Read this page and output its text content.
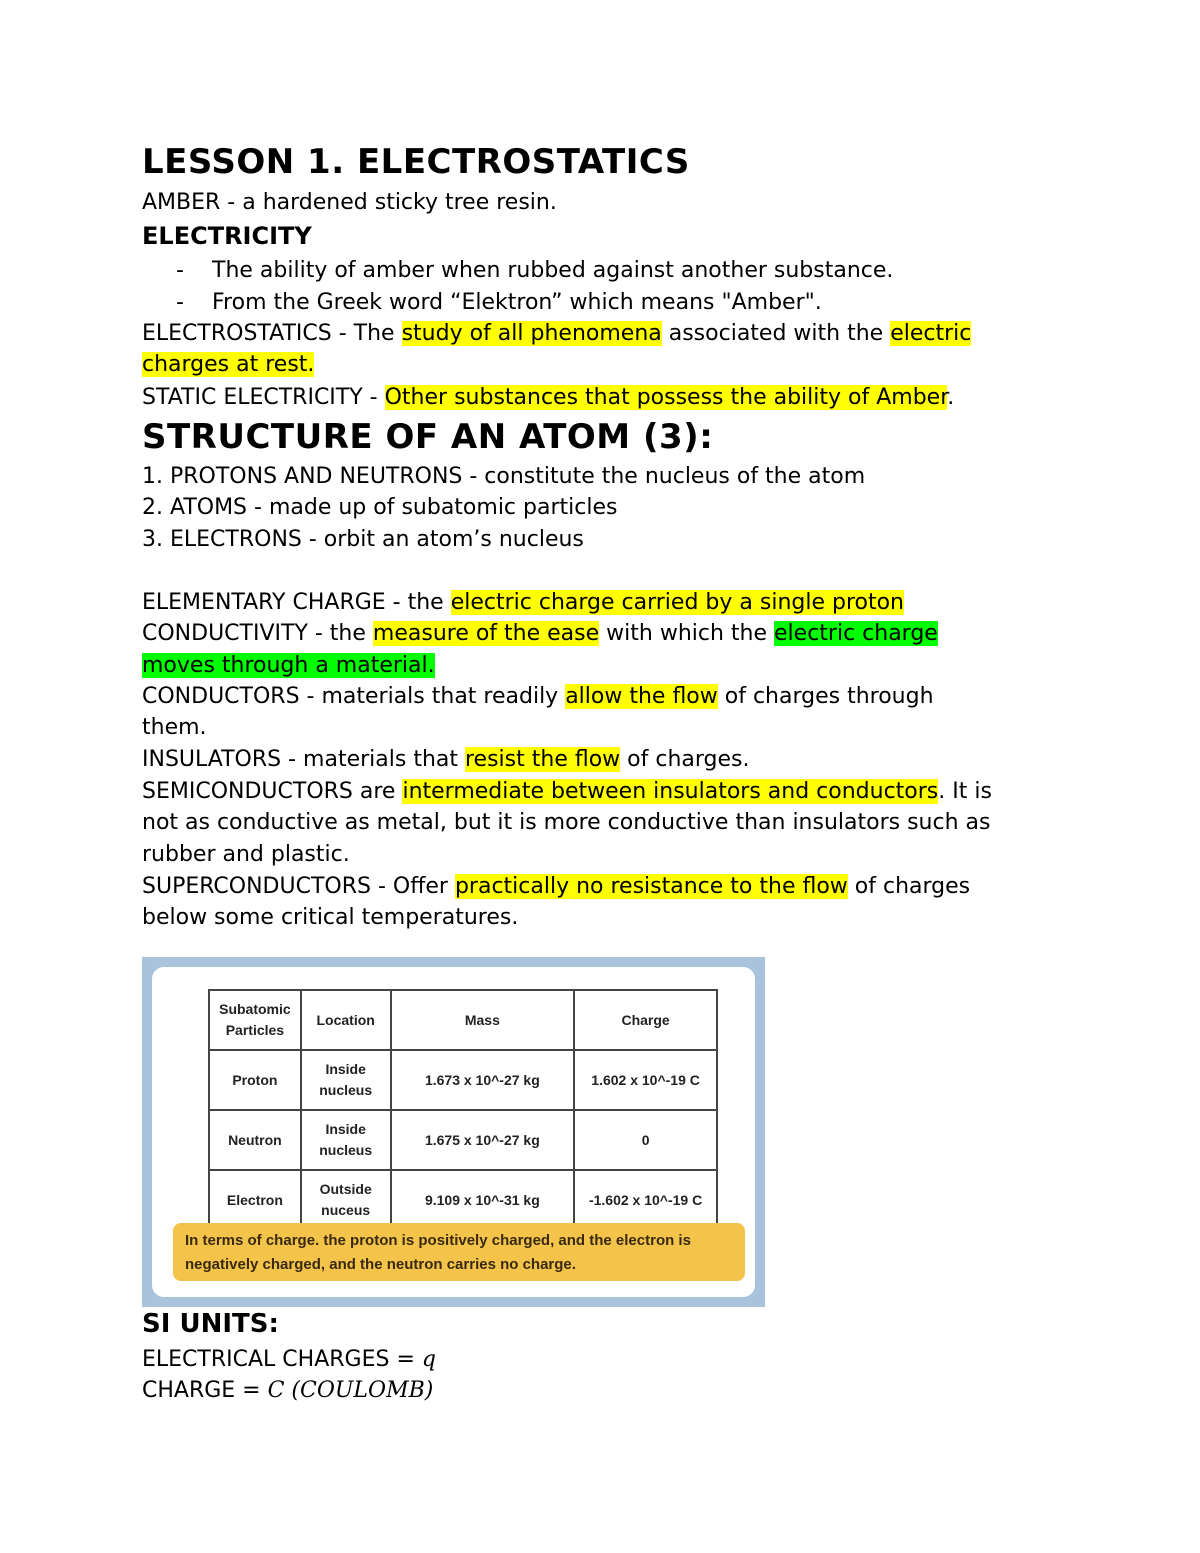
LESSON 1. ELECTROSTATICS
AMBER - a hardened sticky tree resin.
ELECTRICITY
- The ability of amber when rubbed against another substance.
- From the Greek word “Elektron” which means "Amber".
ELECTROSTATICS - The study of all phenomena associated with the electric
charges at rest.
STATIC ELECTRICITY - Other substances that possess the ability of Amber.
STRUCTURE OF AN ATOM (3):
1. PROTONS AND NEUTRONS - constitute the nucleus of the atom
2. ATOMS - made up of subatomic particles
3. ELECTRONS - orbit an atom’s nucleus
ELEMENTARY CHARGE - the electric charge carried by a single proton
CONDUCTIVITY - the measure of the ease with which the electric charge
moves through a material.
CONDUCTORS - materials that readily allow the flow of charges through
them.
INSULATORS - materials that resist the flow of charges.
SEMICONDUCTORS are intermediate between insulators and conductors. It is
not as conductive as metal, but it is more conductive than insulators such as
rubber and plastic.
SUPERCONDUCTORS - Offer practically no resistance to the flow of charges
below some critical temperatures.
SI UNITS:
ELECTRICAL CHARGES = q
CHARGE = C (COULOMB)
Subatomic Particles	Location	Mass	Charge
Proton	Inside nucleus	1.673 x 10^-27 kg	1.602 x 10^-19 C
Neutron	Inside nucleus	1.675 x 10^-27 kg	0
Electron	Outside nuceus	9.109 x 10^-31 kg	-1.602 x 10^-19 C
In terms of charge. the proton is positively charged, and the electron is negatively charged, and the neutron carries no charge.
